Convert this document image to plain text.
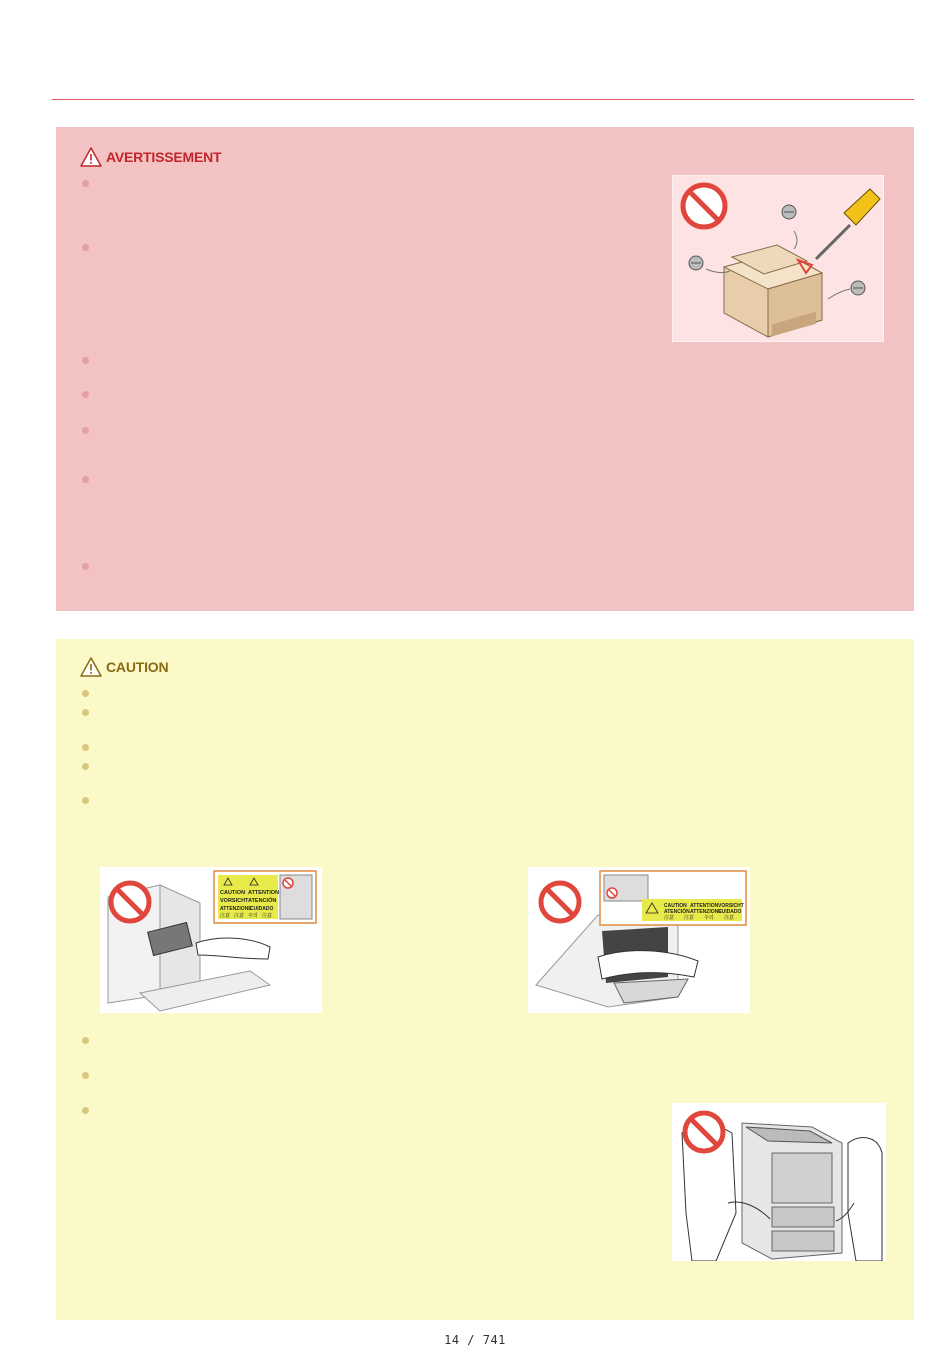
AVERTISSEMENT
CAUTION
CAUTION ATTENTION
VORSICHT ATENCIÓN
ATTENZIONE
CUIDADO
注意 注意 주의 注意
CAUTION ATTENTION VORSICHT
ATENCIÓN ATTENZIONE
CUIDADO
注意 注意 주의 注意
14 / 741
